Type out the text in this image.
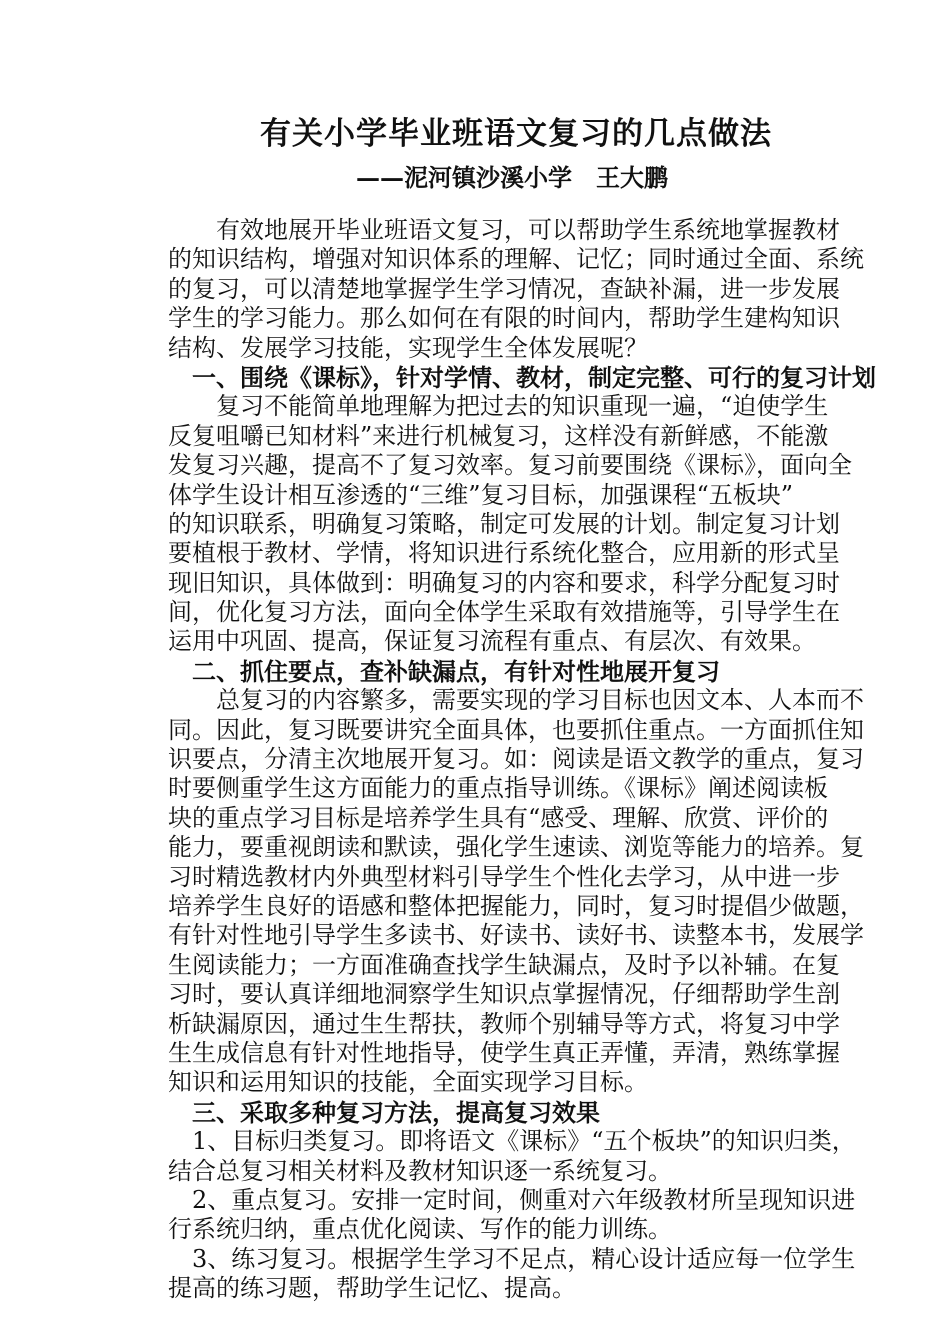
有关小学毕业班语文复习的几点做法
——泥河镇沙溪小学　王大鹏
　　有效地展开毕业班语文复习，可以帮助学生系统地掌握教材
的知识结构，增强对知识体系的理解、记忆；同时通过全面、系统
的复习，可以清楚地掌握学生学习情况，查缺补漏，进一步发展
学生的学习能力。那么如何在有限的时间内，帮助学生建构知识
结构、发展学习技能，实现学生全体发展呢？
　一、围绕《课标》，针对学情、教材，制定完整、可行的复习计划
　　复习不能简单地理解为把过去的知识重现一遍，“迫使学生
反复咀嚼已知材料”来进行机械复习，这样没有新鲜感，不能激
发复习兴趣，提高不了复习效率。复习前要围绕《课标》，面向全
体学生设计相互渗透的“三维”复习目标，加强课程“五板块”
的知识联系，明确复习策略，制定可发展的计划。制定复习计划
要植根于教材、学情，将知识进行系统化整合，应用新的形式呈
现旧知识，具体做到：明确复习的内容和要求，科学分配复习时
间，优化复习方法，面向全体学生采取有效措施等，引导学生在
运用中巩固、提高，保证复习流程有重点、有层次、有效果。
　二、抓住要点，查补缺漏点，有针对性地展开复习
　　总复习的内容繁多，需要实现的学习目标也因文本、人本而不
同。因此，复习既要讲究全面具体，也要抓住重点。一方面抓住知
识要点，分清主次地展开复习。如：阅读是语文教学的重点，复习
时要侧重学生这方面能力的重点指导训练。《课标》阐述阅读板
块的重点学习目标是培养学生具有“感受、理解、欣赏、评价的
能力，要重视朗读和默读，强化学生速读、浏览等能力的培养。复
习时精选教材内外典型材料引导学生个性化去学习，从中进一步
培养学生良好的语感和整体把握能力，同时，复习时提倡少做题，
有针对性地引导学生多读书、好读书、读好书、读整本书，发展学
生阅读能力；一方面准确查找学生缺漏点，及时予以补辅。在复
习时，要认真详细地洞察学生知识点掌握情况，仔细帮助学生剖
析缺漏原因，通过生生帮扶，教师个别辅导等方式，将复习中学
生生成信息有针对性地指导，使学生真正弄懂，弄清，熟练掌握
知识和运用知识的技能，全面实现学习目标。
　三、采取多种复习方法，提高复习效果
　1、目标归类复习。即将语文《课标》“五个板块”的知识归类，
结合总复习相关材料及教材知识逐一系统复习。
　2、重点复习。安排一定时间，侧重对六年级教材所呈现知识进
行系统归纳，重点优化阅读、写作的能力训练。
　3、练习复习。根据学生学习不足点，精心设计适应每一位学生
提高的练习题，帮助学生记忆、提高。
